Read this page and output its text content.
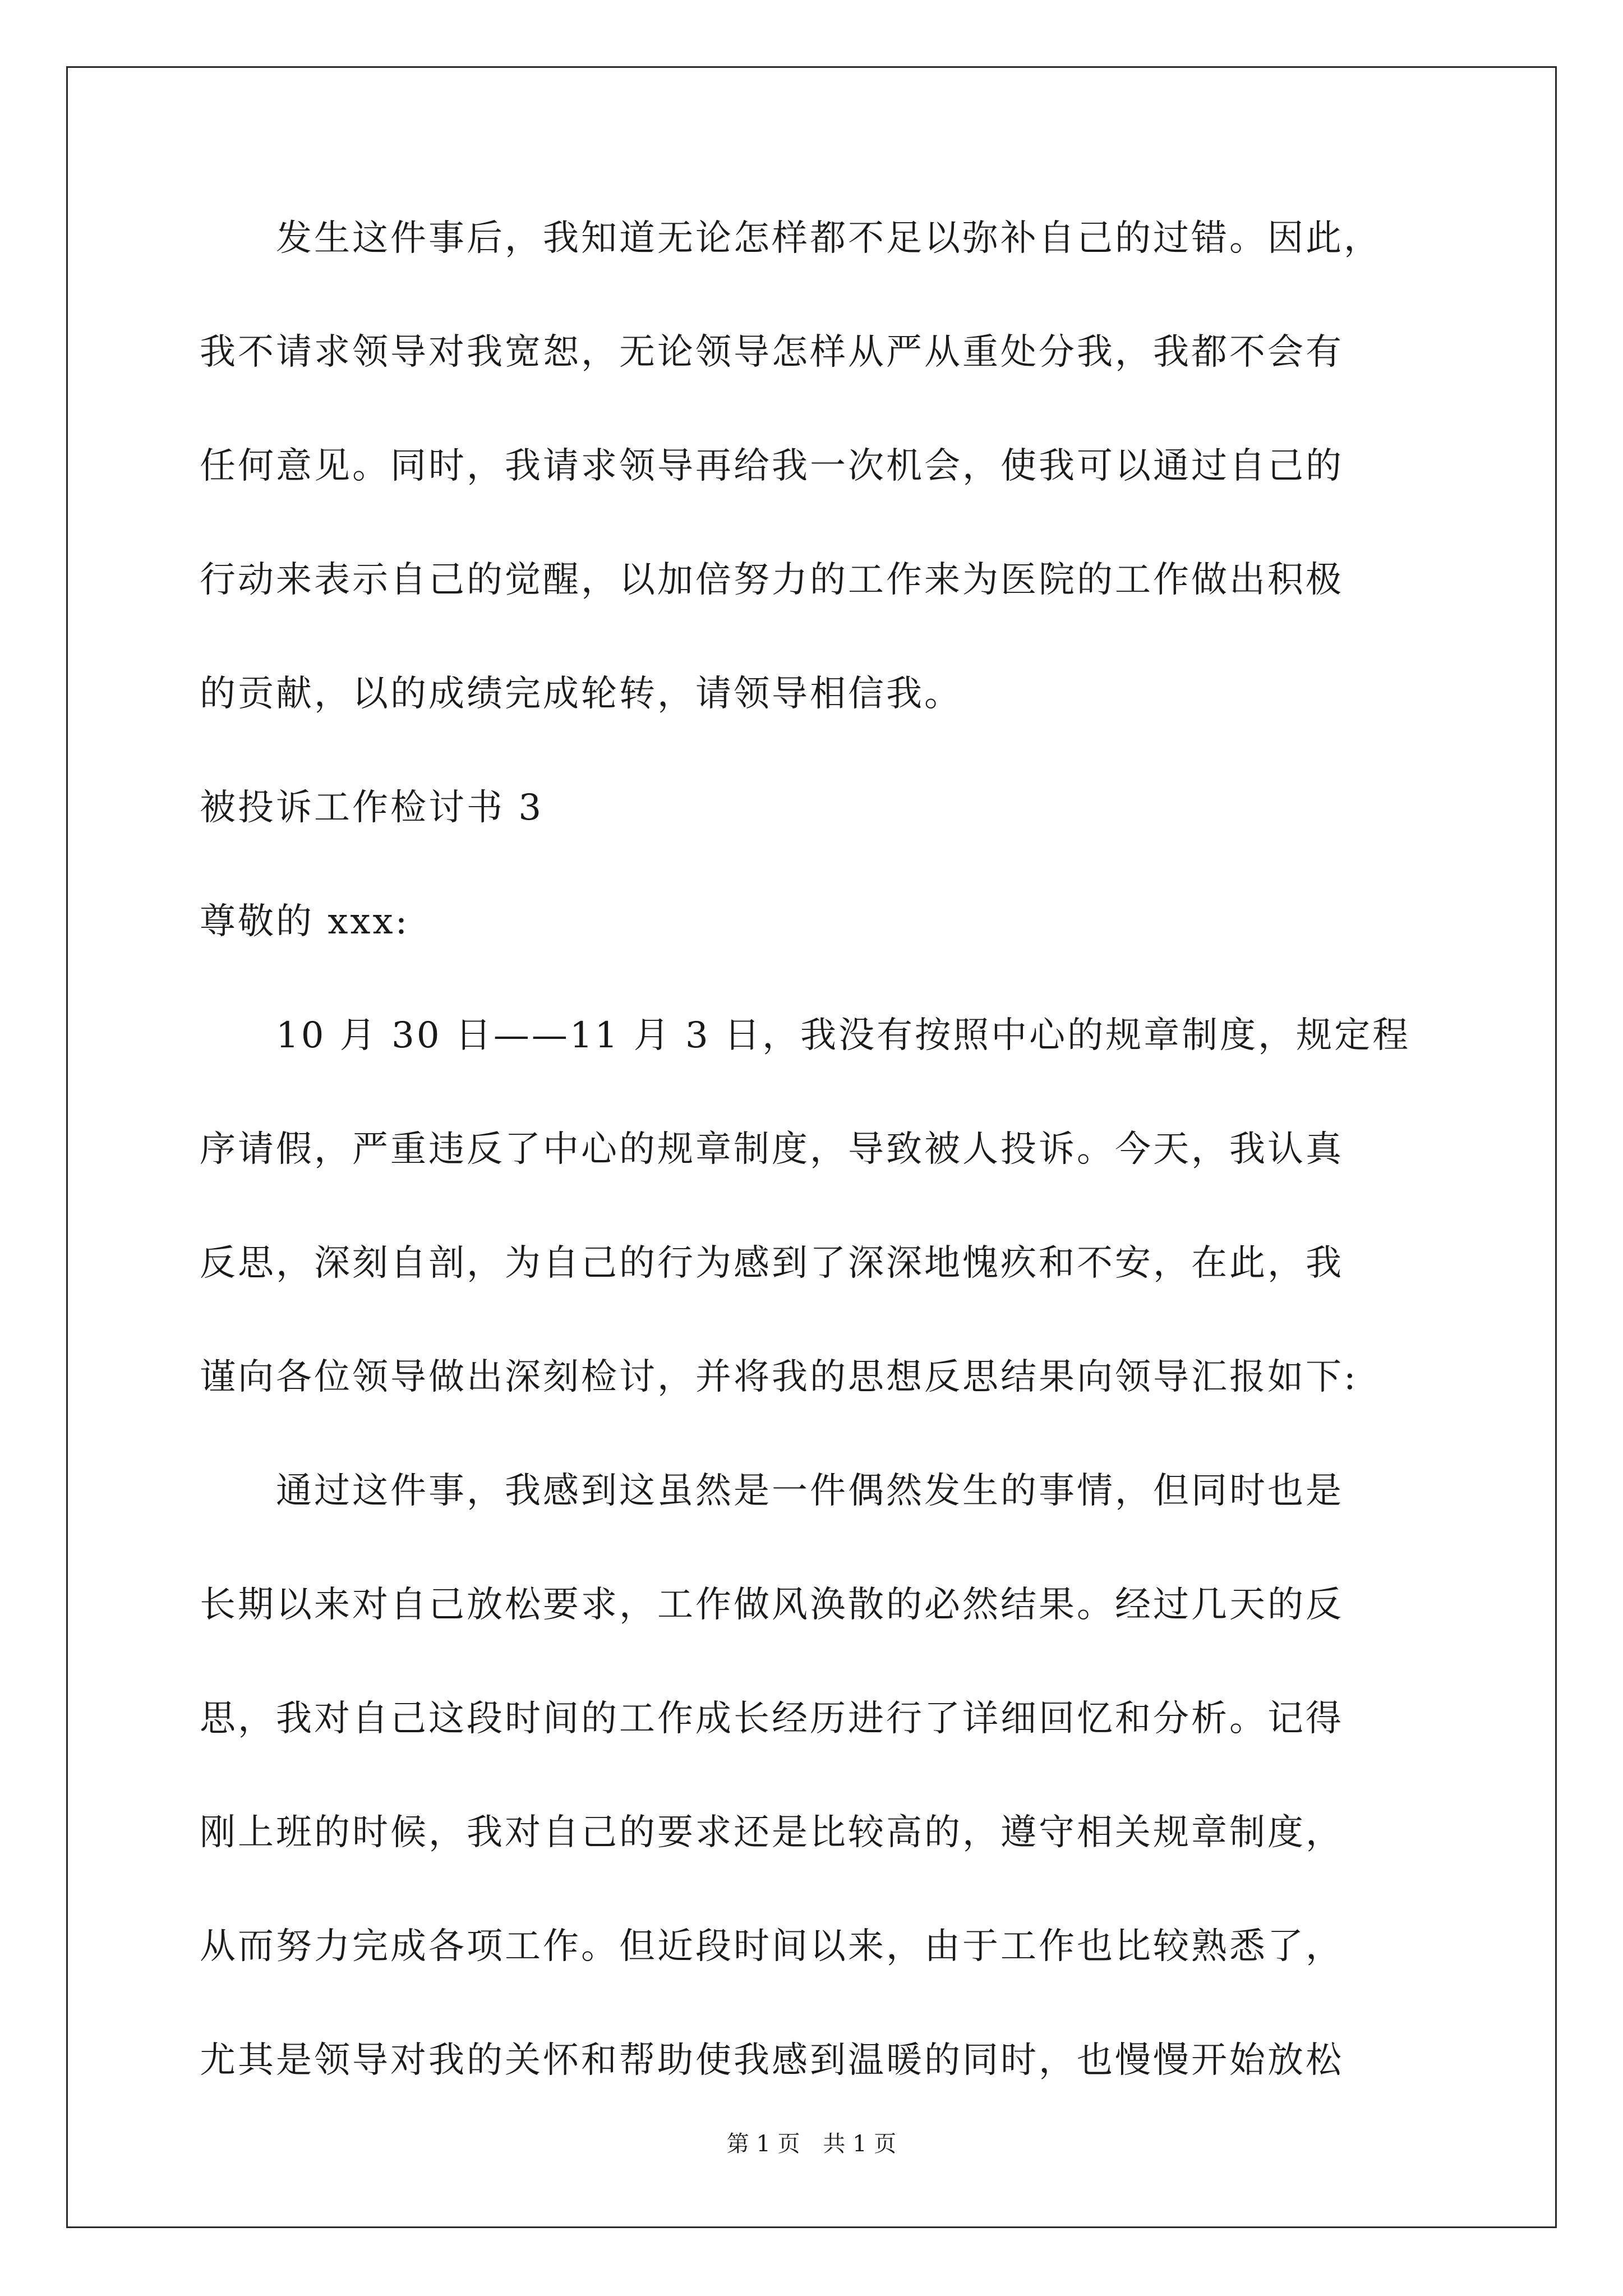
发生这件事后，我知道无论怎样都不足以弥补自己的过错。因此，
我不请求领导对我宽恕，无论领导怎样从严从重处分我，我都不会有
任何意见。同时，我请求领导再给我一次机会，使我可以通过自己的
行动来表示自己的觉醒，以加倍努力的工作来为医院的工作做出积极
的贡献，以的成绩完成轮转，请领导相信我。
被投诉工作检讨书 3
尊敬的 xxx:
10 月 30 日——11 月 3 日，我没有按照中心的规章制度，规定程
序请假，严重违反了中心的规章制度，导致被人投诉。今天，我认真
反思，深刻自剖，为自己的行为感到了深深地愧疚和不安，在此，我
谨向各位领导做出深刻检讨，并将我的思想反思结果向领导汇报如下:
通过这件事，我感到这虽然是一件偶然发生的事情，但同时也是
长期以来对自己放松要求，工作做风涣散的必然结果。经过几天的反
思，我对自己这段时间的工作成长经历进行了详细回忆和分析。记得
刚上班的时候，我对自己的要求还是比较高的，遵守相关规章制度，
从而努力完成各项工作。但近段时间以来，由于工作也比较熟悉了，
尤其是领导对我的关怀和帮助使我感到温暖的同时，也慢慢开始放松
第 1 页 共 1 页
